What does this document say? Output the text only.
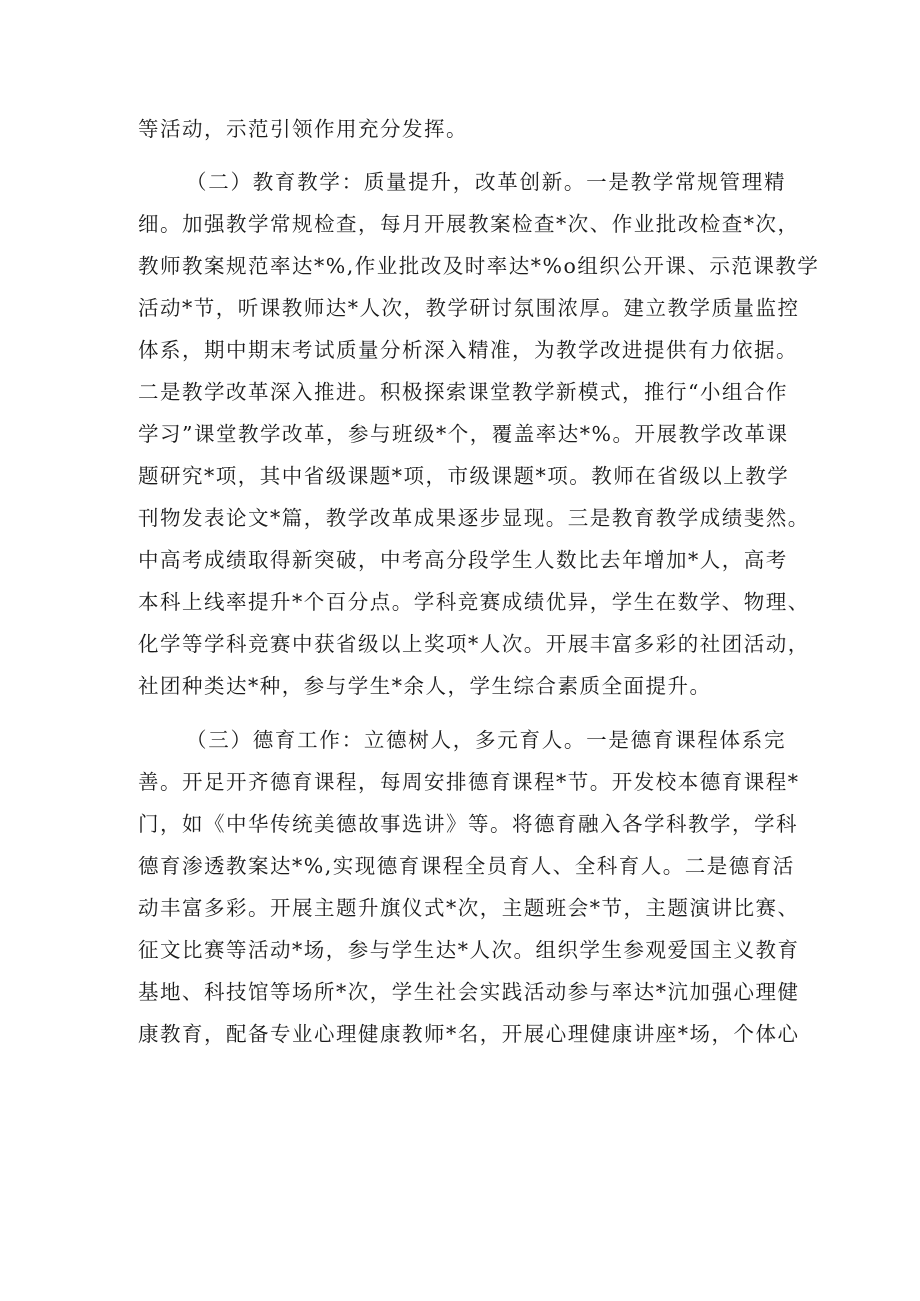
等活动，示范引领作用充分发挥。
（二）教育教学：质量提升，改革创新。一是教学常规管理精
细。加强教学常规检查，每月开展教案检查*次、作业批改检查*次，
教师教案规范率达*%,作业批改及时率达*%o组织公开课、示范课教学
活动*节，听课教师达*人次，教学研讨氛围浓厚。建立教学质量监控
体系，期中期末考试质量分析深入精准，为教学改进提供有力依据。
二是教学改革深入推进。积极探索课堂教学新模式，推行“小组合作
学习”课堂教学改革，参与班级*个，覆盖率达*%。开展教学改革课
题研究*项，其中省级课题*项，市级课题*项。教师在省级以上教学
刊物发表论文*篇，教学改革成果逐步显现。三是教育教学成绩斐然。
中高考成绩取得新突破，中考高分段学生人数比去年增加*人，高考
本科上线率提升*个百分点。学科竞赛成绩优异，学生在数学、物理、
化学等学科竞赛中获省级以上奖项*人次。开展丰富多彩的社团活动，
社团种类达*种，参与学生*余人，学生综合素质全面提升。
（三）德育工作：立德树人，多元育人。一是德育课程体系完
善。开足开齐德育课程，每周安排德育课程*节。开发校本德育课程*
门，如《中华传统美德故事选讲》等。将德育融入各学科教学，学科
德育渗透教案达*%,实现德育课程全员育人、全科育人。二是德育活
动丰富多彩。开展主题升旗仪式*次，主题班会*节，主题演讲比赛、
征文比赛等活动*场，参与学生达*人次。组织学生参观爱国主义教育
基地、科技馆等场所*次，学生社会实践活动参与率达*沆加强心理健
康教育，配备专业心理健康教师*名，开展心理健康讲座*场，个体心
